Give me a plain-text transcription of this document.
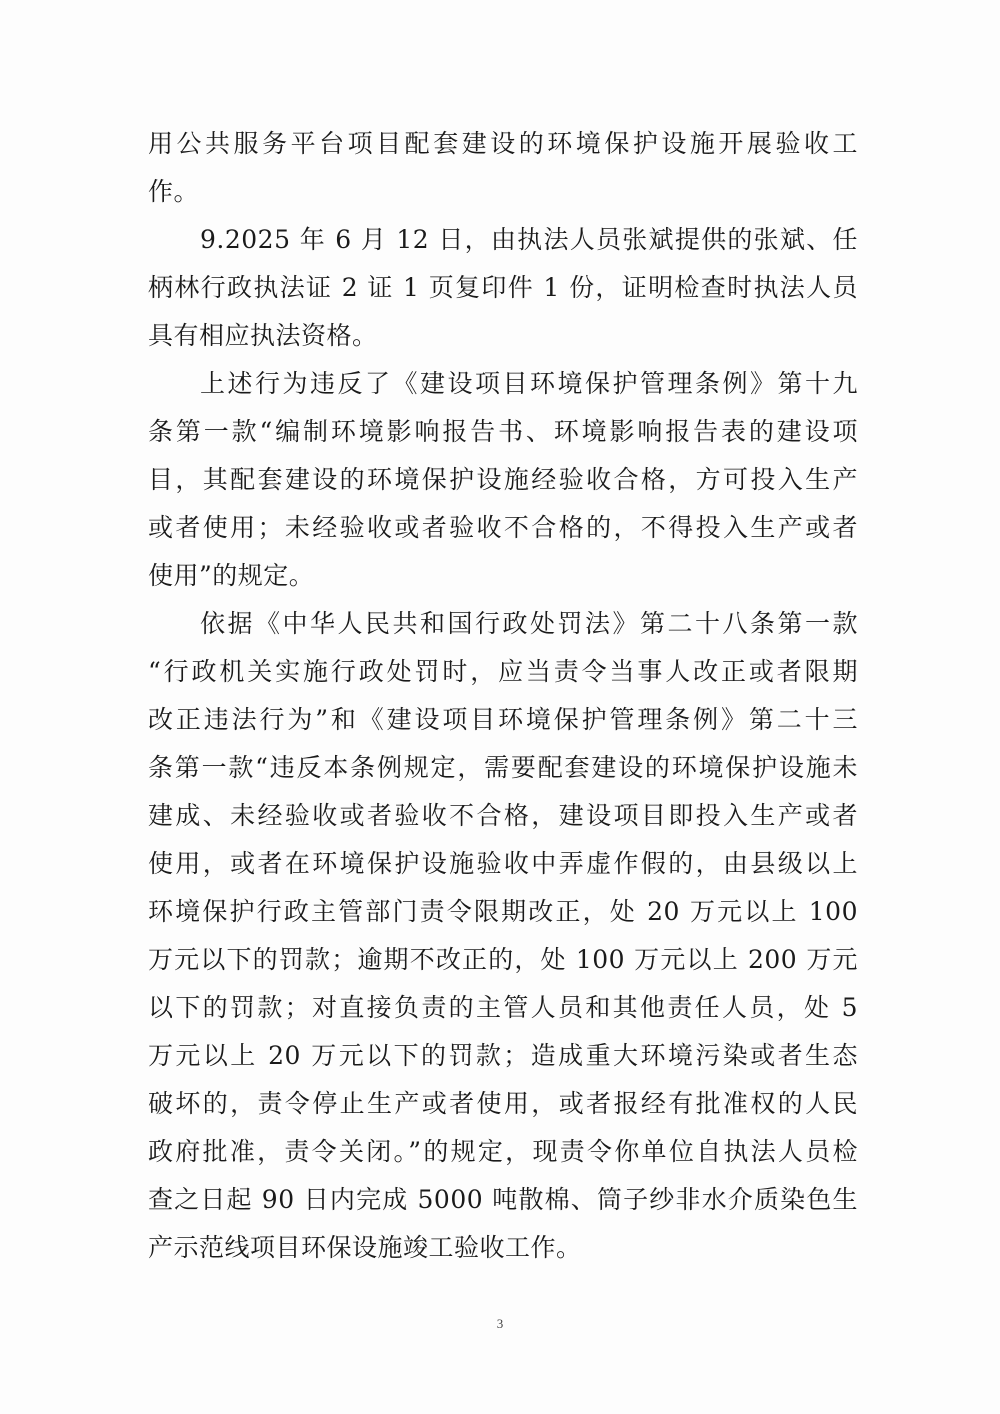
用公共服务平台项目配套建设的环境保护设施开展验收工
作。
9.2025 年 6 月 12 日，由执法人员张斌提供的张斌、任
柄林行政执法证 2 证 1 页复印件 1 份，证明检查时执法人员
具有相应执法资格。
上述行为违反了《建设项目环境保护管理条例》第十九
条第一款“编制环境影响报告书、环境影响报告表的建设项
目，其配套建设的环境保护设施经验收合格，方可投入生产
或者使用；未经验收或者验收不合格的，不得投入生产或者
使用”的规定。
依据《中华人民共和国行政处罚法》第二十八条第一款
“行政机关实施行政处罚时，应当责令当事人改正或者限期
改正违法行为”和《建设项目环境保护管理条例》第二十三
条第一款“违反本条例规定，需要配套建设的环境保护设施未
建成、未经验收或者验收不合格，建设项目即投入生产或者
使用，或者在环境保护设施验收中弄虚作假的，由县级以上
环境保护行政主管部门责令限期改正，处 20 万元以上 100
万元以下的罚款；逾期不改正的，处 100 万元以上 200 万元
以下的罚款；对直接负责的主管人员和其他责任人员，处 5
万元以上 20 万元以下的罚款；造成重大环境污染或者生态
破坏的，责令停止生产或者使用，或者报经有批准权的人民
政府批准，责令关闭。”的规定，现责令你单位自执法人员检
查之日起 90 日内完成 5000 吨散棉、筒子纱非水介质染色生
产示范线项目环保设施竣工验收工作。
3
